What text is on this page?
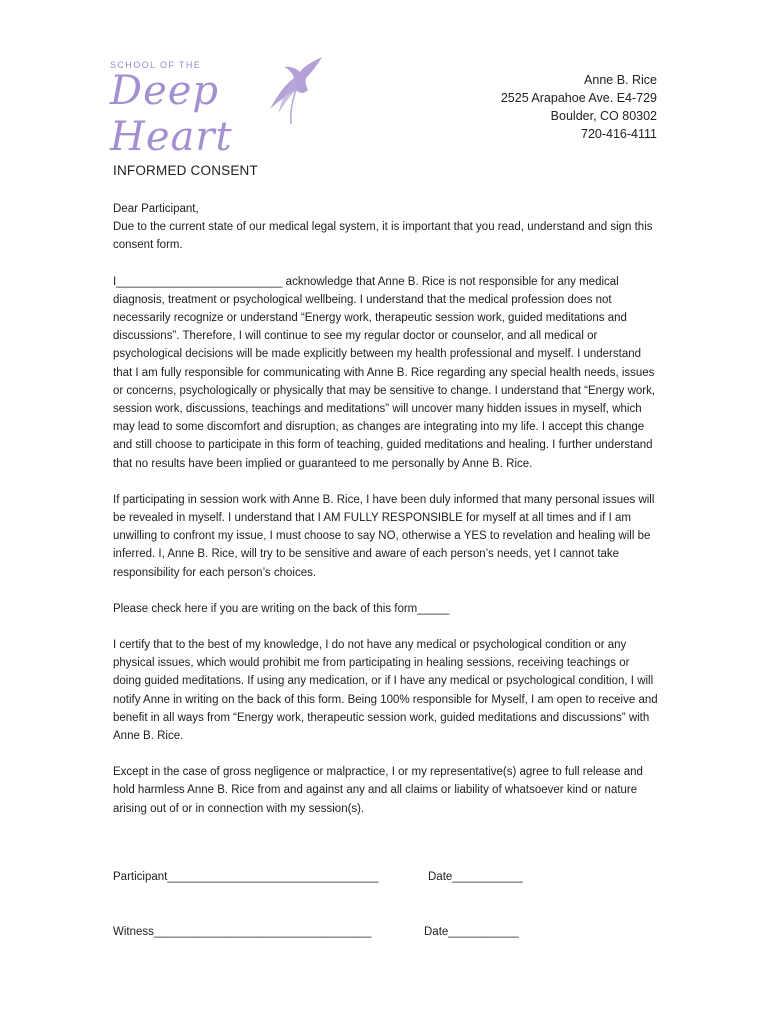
SCHOOL OF THE
Deep Heart
Anne B. Rice
2525 Arapahoe Ave. E4-729
Boulder, CO 80302
720-416-4111
INFORMED CONSENT

Dear Participant,
Due to the current state of our medical legal system, it is important that you read, understand and sign this consent form.

I__________________________ acknowledge that Anne B. Rice is not responsible for any medical diagnosis, treatment or psychological wellbeing. I understand that the medical profession does not necessarily recognize or understand “Energy work, therapeutic session work, guided meditations and discussions”. Therefore, I will continue to see my regular doctor or counselor, and all medical or psychological decisions will be made explicitly between my health professional and myself. I understand that I am fully responsible for communicating with Anne B. Rice regarding any special health needs, issues or concerns, psychologically or physically that may be sensitive to change. I understand that “Energy work, session work, discussions, teachings and meditations” will uncover many hidden issues in myself, which may lead to some discomfort and disruption, as changes are integrating into my life. I accept this change and still choose to participate in this form of teaching, guided meditations and healing. I further understand that no results have been implied or guaranteed to me personally by Anne B. Rice.

If participating in session work with Anne B. Rice, I have been duly informed that many personal issues will be revealed in myself. I understand that I AM FULLY RESPONSIBLE for myself at all times and if I am unwilling to confront my issue, I must choose to say NO, otherwise a YES to revelation and healing will be inferred. I, Anne B. Rice, will try to be sensitive and aware of each person’s needs, yet I cannot take responsibility for each person’s choices.

Please check here if you are writing on the back of this form_____

I certify that to the best of my knowledge, I do not have any medical or psychological condition or any physical issues, which would prohibit me from participating in healing sessions, receiving teachings or doing guided meditations. If using any medication, or if I have any medical or psychological condition, I will notify Anne in writing on the back of this form. Being 100% responsible for Myself, I am open to receive and benefit in all ways from “Energy work, therapeutic session work, guided meditations and discussions” with Anne B. Rice.

Except in the case of gross negligence or malpractice, I or my representative(s) agree to full release and hold harmless Anne B. Rice from and against any and all claims or liability of whatsoever kind or nature arising out of or in connection with my session(s).

Participant_________________________________	Date___________
Witness__________________________________	Date___________
